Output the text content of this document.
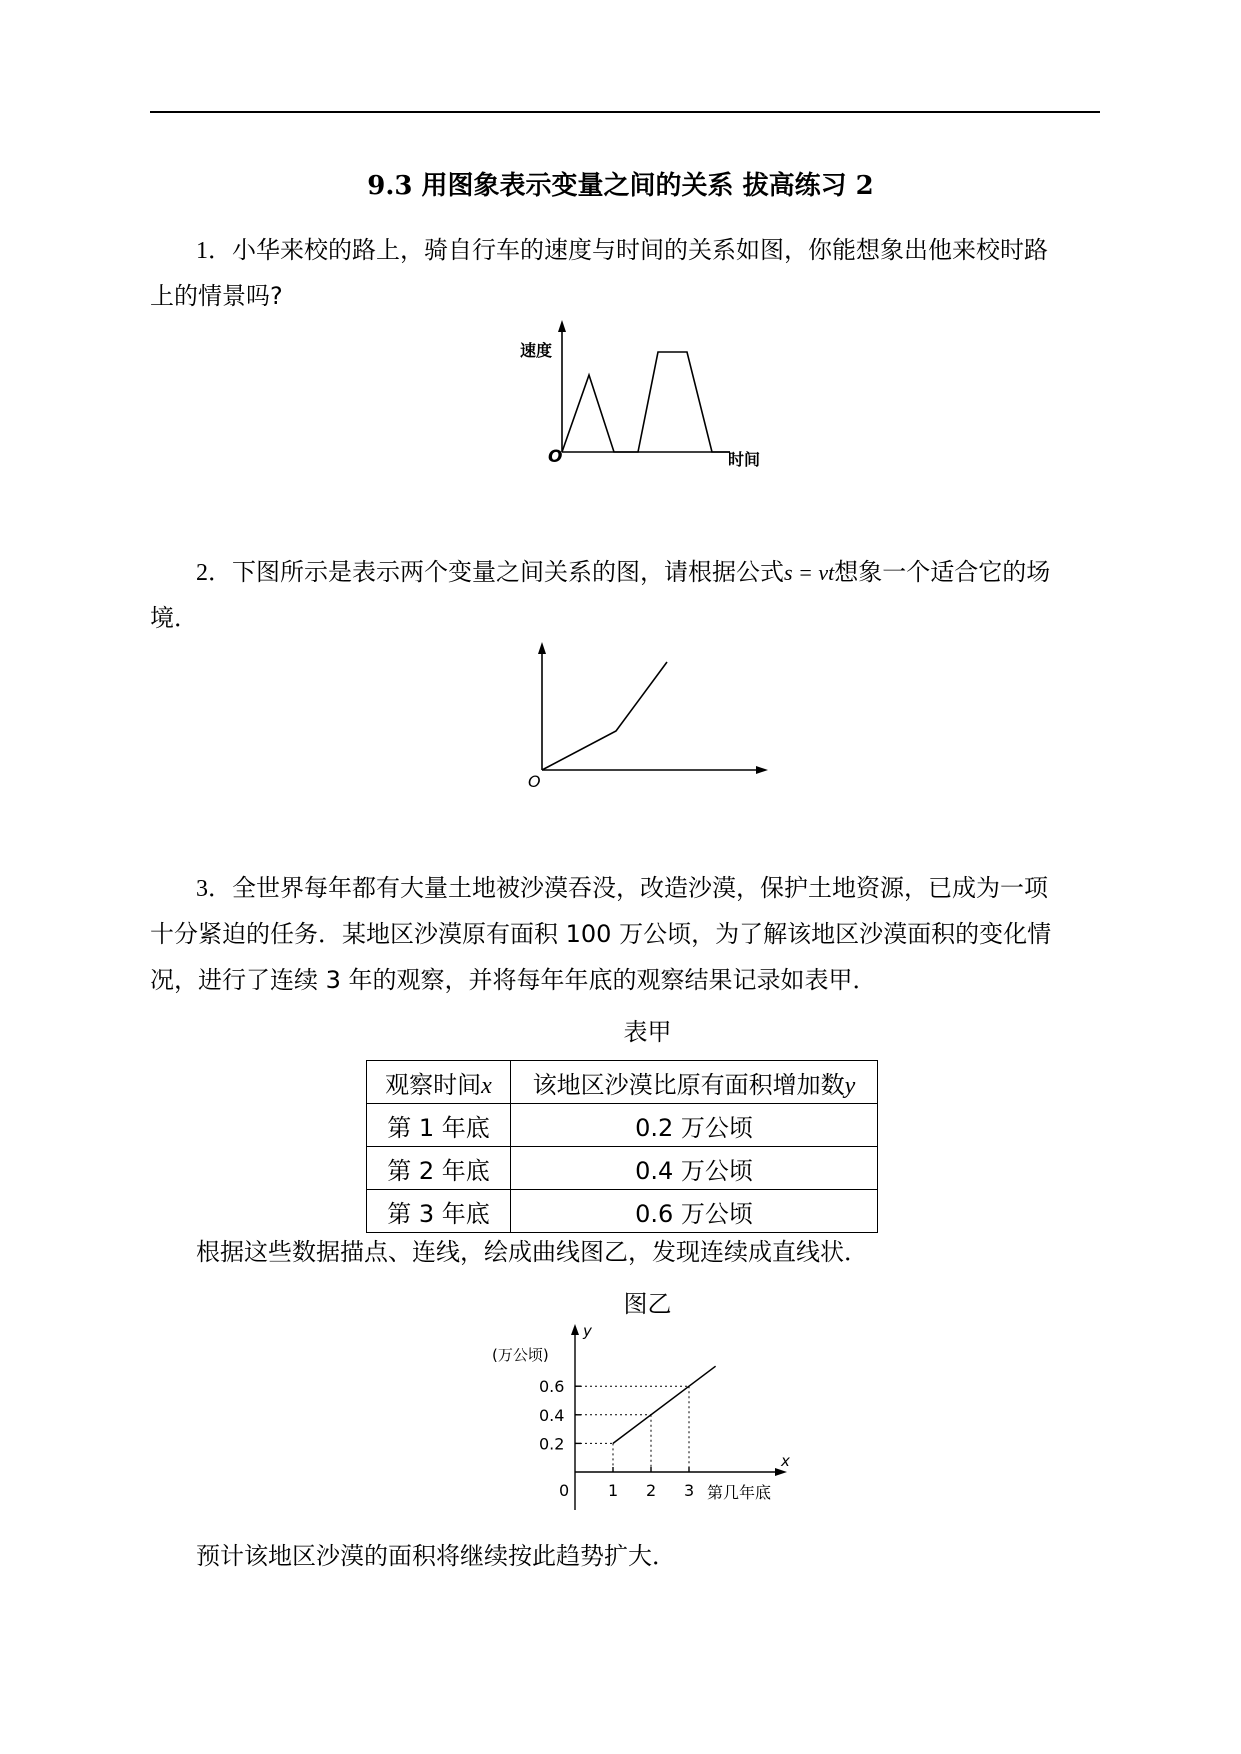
9.3 用图象表示变量之间的关系 拔高练习 2
1．小华来校的路上，骑自行车的速度与时间的关系如图，你能想象出他来校时路
上的情景吗?
速度
O	时间
2．下图所示是表示两个变量之间关系的图，请根据公式s = vt想象一个适合它的场
境．
O
3．全世界每年都有大量土地被沙漠吞没，改造沙漠，保护土地资源，已成为一项
十分紧迫的任务．某地区沙漠原有面积 100 万公顷，为了解该地区沙漠面积的变化情
况，进行了连续 3 年的观察，并将每年年底的观察结果记录如表甲．
表甲
观察时间x	该地区沙漠比原有面积增加数y
第 1 年底	0.2 万公顷
第 2 年底	0.4 万公顷
第 3 年底	0.6 万公顷
根据这些数据描点、连线，绘成曲线图乙，发现连续成直线状．
图乙
y
x
(万公顷)
第几年底
0
0.2
1
0.4
2
0.6
3
预计该地区沙漠的面积将继续按此趋势扩大．
